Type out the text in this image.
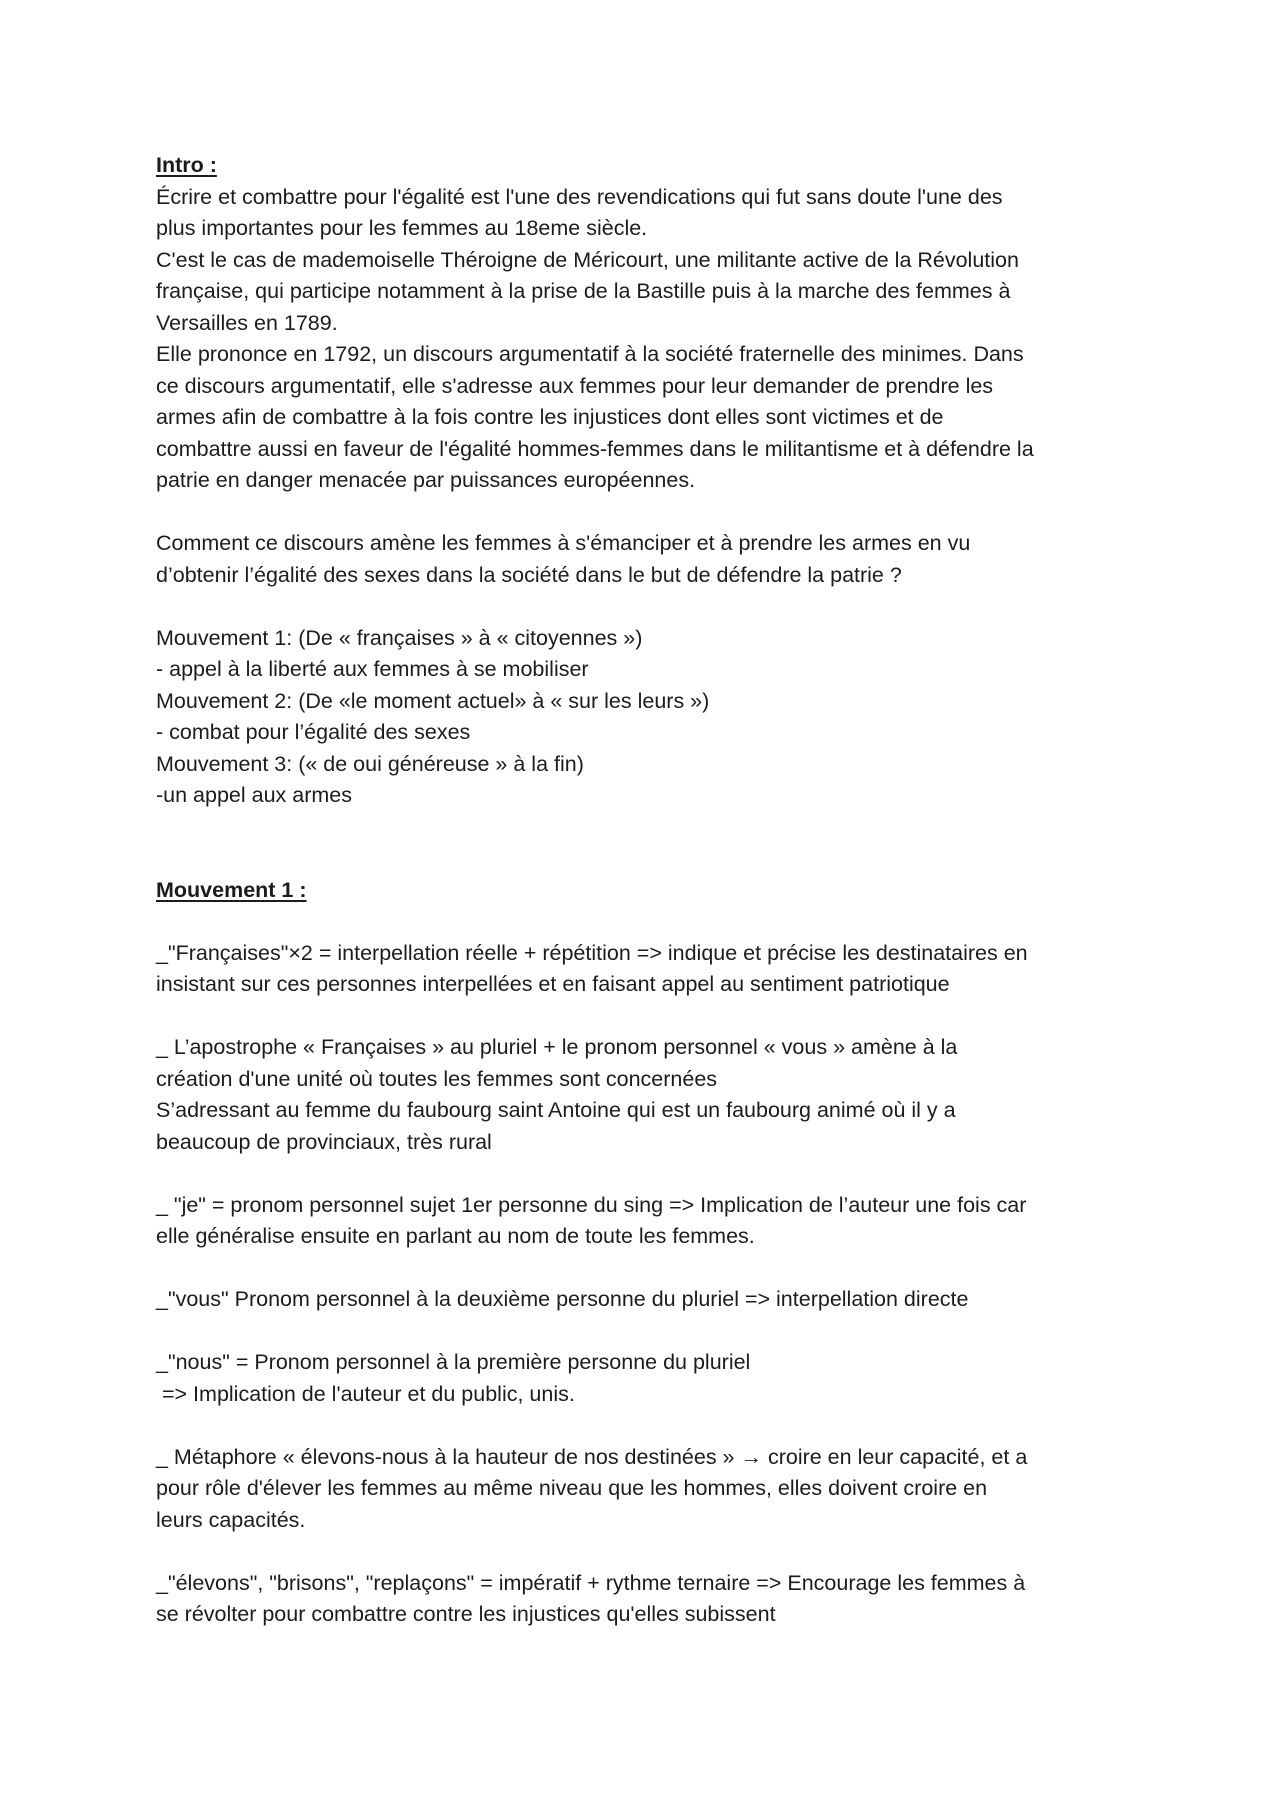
Intro :
Écrire et combattre pour l'égalité est l'une des revendications qui fut sans doute l'une des
plus importantes pour les femmes au 18eme siècle.
C'est le cas de mademoiselle Théroigne de Méricourt, une militante active de la Révolution
française, qui participe notamment à la prise de la Bastille puis à la marche des femmes à
Versailles en 1789.
Elle prononce en 1792, un discours argumentatif à la société fraternelle des minimes. Dans
ce discours argumentatif, elle s'adresse aux femmes pour leur demander de prendre les
armes afin de combattre à la fois contre les injustices dont elles sont victimes et de
combattre aussi en faveur de l'égalité hommes-femmes dans le militantisme et à défendre la
patrie en danger menacée par puissances européennes.
Comment ce discours amène les femmes à s'émanciper et à prendre les armes en vu
d’obtenir l’égalité des sexes dans la société dans le but de défendre la patrie ?
Mouvement 1: (De « françaises » à « citoyennes »)
- appel à la liberté aux femmes à se mobiliser
Mouvement 2: (De «le moment actuel» à « sur les leurs »)
- combat pour l’égalité des sexes
Mouvement 3: (« de oui généreuse » à la fin)
-un appel aux armes
Mouvement 1 :
_"Françaises"×2 = interpellation réelle + répétition => indique et précise les destinataires en
insistant sur ces personnes interpellées et en faisant appel au sentiment patriotique
_ L’apostrophe « Françaises » au pluriel + le pronom personnel « vous » amène à la
création d'une unité où toutes les femmes sont concernées
S’adressant au femme du faubourg saint Antoine qui est un faubourg animé où il y a
beaucoup de provinciaux, très rural
_ "je" = pronom personnel sujet 1er personne du sing => Implication de l’auteur une fois car
elle généralise ensuite en parlant au nom de toute les femmes.
_"vous" Pronom personnel à la deuxième personne du pluriel => interpellation directe
_"nous" = Pronom personnel à la première personne du pluriel
=> Implication de l'auteur et du public, unis.
_ Métaphore « élevons-nous à la hauteur de nos destinées » → croire en leur capacité, et a
pour rôle d'élever les femmes au même niveau que les hommes, elles doivent croire en
leurs capacités.
_"élevons", "brisons", "replaçons" = impératif + rythme ternaire => Encourage les femmes à
se révolter pour combattre contre les injustices qu'elles subissent
